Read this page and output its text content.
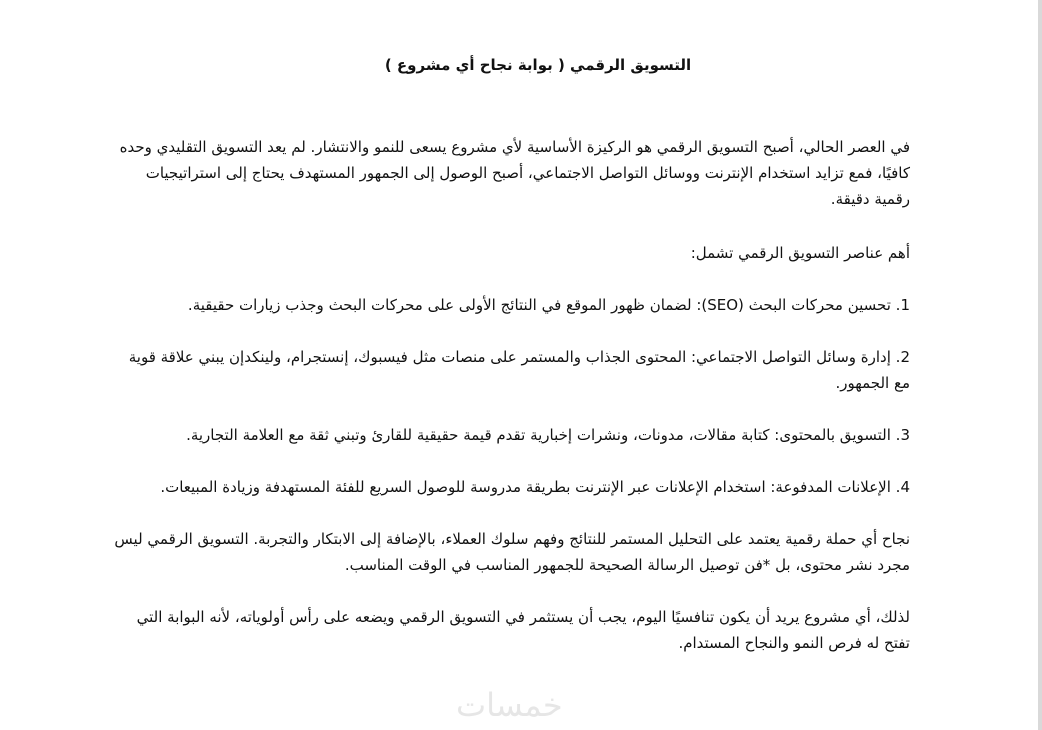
التسويق الرقمي ( بوابة نجاح أي مشروع )

في العصر الحالي، أصبح التسويق الرقمي هو الركيزة الأساسية لأي مشروع يسعى للنمو والانتشار. لم يعد التسويق التقليدي وحده كافيًا، فمع تزايد استخدام الإنترنت ووسائل التواصل الاجتماعي، أصبح الوصول إلى الجمهور المستهدف يحتاج إلى استراتيجيات رقمية دقيقة.

أهم عناصر التسويق الرقمي تشمل:

1. تحسين محركات البحث (SEO): لضمان ظهور الموقع في النتائج الأولى على محركات البحث وجذب زيارات حقيقية.

2. إدارة وسائل التواصل الاجتماعي: المحتوى الجذاب والمستمر على منصات مثل فيسبوك، إنستجرام، ولينكدإن يبني علاقة قوية مع الجمهور.

3. التسويق بالمحتوى: كتابة مقالات، مدونات، ونشرات إخبارية تقدم قيمة حقيقية للقارئ وتبني ثقة مع العلامة التجارية.

4. الإعلانات المدفوعة: استخدام الإعلانات عبر الإنترنت بطريقة مدروسة للوصول السريع للفئة المستهدفة وزيادة المبيعات.

نجاح أي حملة رقمية يعتمد على التحليل المستمر للنتائج وفهم سلوك العملاء، بالإضافة إلى الابتكار والتجربة. التسويق الرقمي ليس مجرد نشر محتوى، بل *فن توصيل الرسالة الصحيحة للجمهور المناسب في الوقت المناسب.

لذلك، أي مشروع يريد أن يكون تنافسيًا اليوم، يجب أن يستثمر في التسويق الرقمي ويضعه على رأس أولوياته، لأنه البوابة التي تفتح له فرص النمو والنجاح المستدام.

خمسات
